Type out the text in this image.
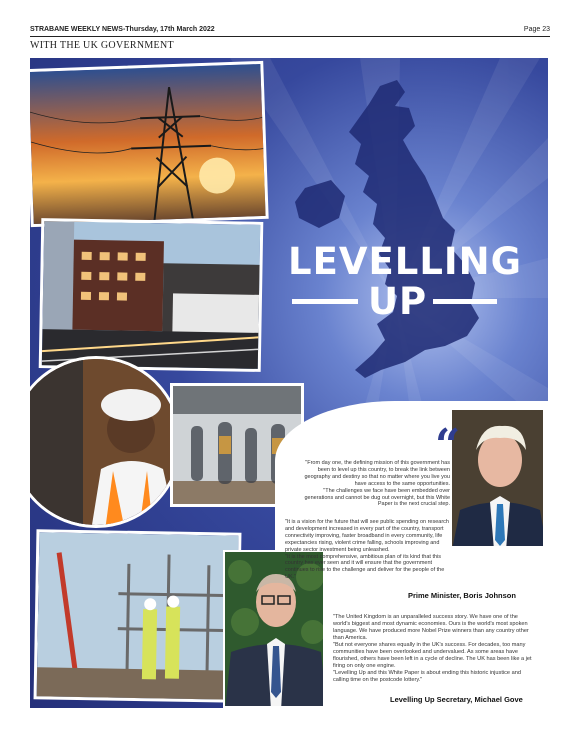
STRABANE WEEKLY NEWS-Thursday, 17th March 2022	Page 23
WITH THE UK GOVERNMENT
LEVELLING
UP
“

"From day one, the defining mission of this government has been to level up this country, to break the link between geography and destiny so that no matter where you live you have access to the same opportunities.

"The challenges we face have been embedded over generations and cannot be dug out overnight, but this White Paper is the next crucial step.

"It is a vision for the future that will see public spending on research and development increased in every part of the country, transport connectivity improving, faster broadband in every community, life expectancies rising, violent crime falling, schools improving and private sector investment being unleashed.

"It is the most comprehensive, ambitious plan of its kind that this country has ever seen and it will ensure that the government continues to rise to the challenge and deliver for the people of the UK."

Prime Minister, Boris Johnson

"The United Kingdom is an unparalleled success story. We have one of the world's biggest and most dynamic economies. Ours is the world's most spoken language. We have produced more Nobel Prize winners than any country other than America.

"But not everyone shares equally in the UK's success. For decades, too many communities have been overlooked and undervalued. As some areas have flourished, others have been left in a cycle of decline. The UK has been like a jet firing on only one engine.

"Levelling Up and this White Paper is about ending this historic injustice and calling time on the postcode lottery."

Levelling Up Secretary, Michael Gove
